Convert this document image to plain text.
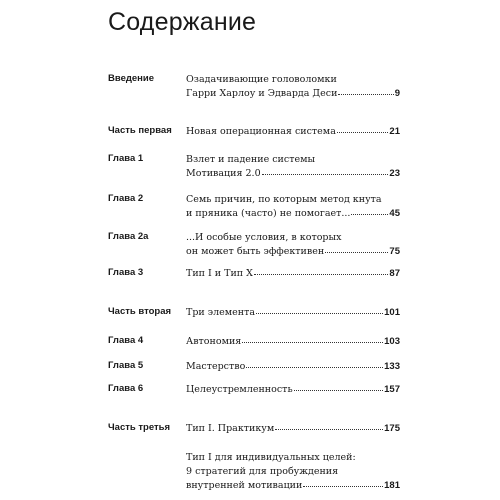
Содержание
Введение	Озадачивающие головоломки
Гарри Харлоу и Эдварда Деси	9
Часть первая Новая операционная система	21
Глава 1	Взлет и падение системы
Мотивация 2.0	23
Глава 2	Семь причин, по которым метод кнута
и пряника (часто) не помогает...	45
Глава 2а	...И особые условия, в которых
он может быть эффективен	75
Глава 3	Тип I и Тип Х	87
Часть вторая Три элемента	101
Глава 4	Автономия	103
Глава 5	Мастерство	133
Глава 6	Целеустремленность	157
Часть третья Тип I. Практикум	175
Тип I для индивидуальных целей:
9 стратегий для пробуждения
внутренней мотивации	181
